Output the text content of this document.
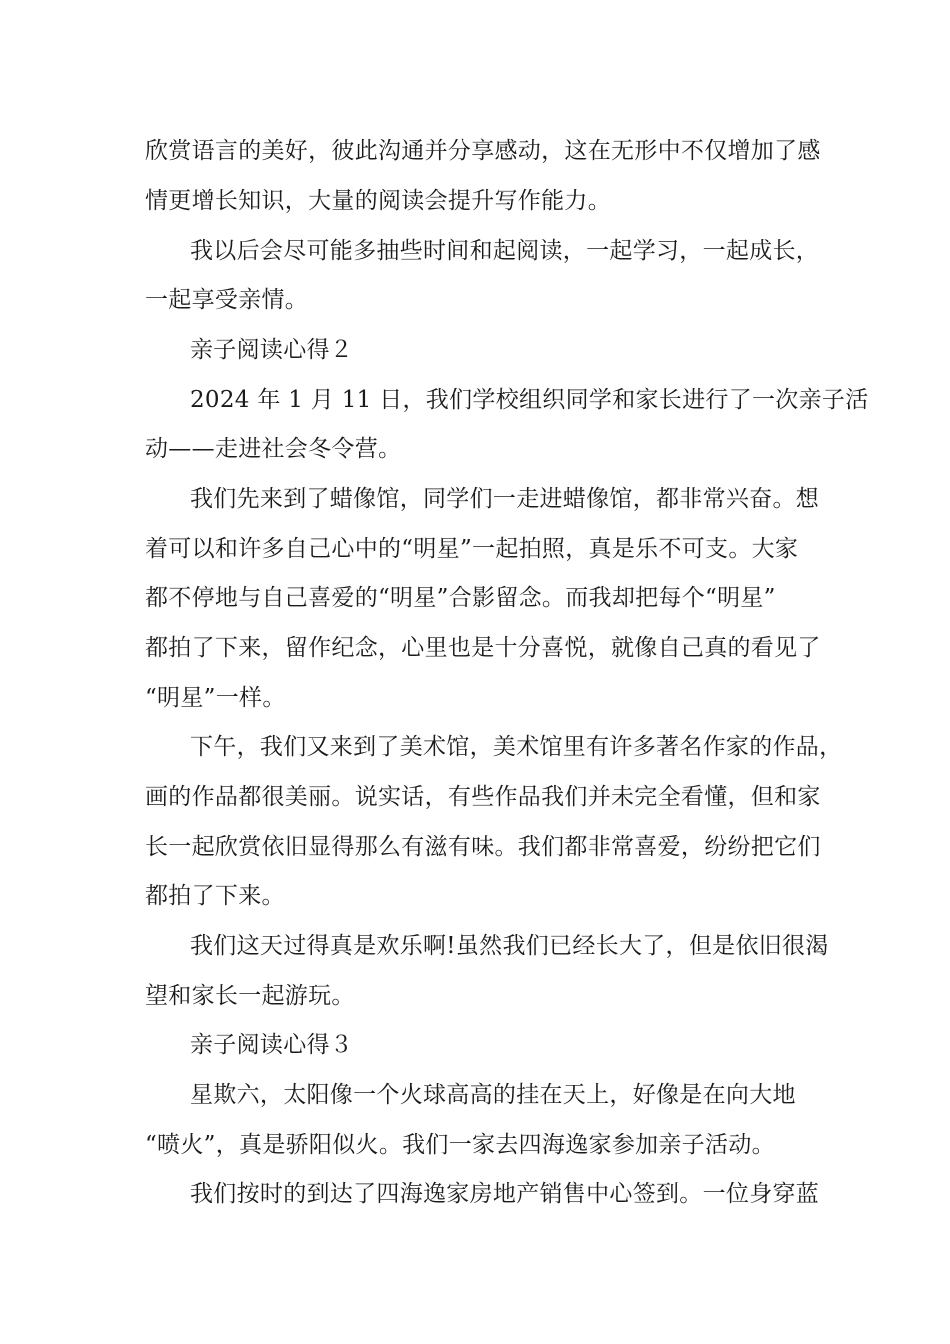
欣赏语言的美好，彼此沟通并分享感动，这在无形中不仅增加了感
情更增长知识，大量的阅读会提升写作能力。
我以后会尽可能多抽些时间和起阅读，一起学习，一起成长，
一起享受亲情。
亲子阅读心得２
2024 年 1 月 11 日，我们学校组织同学和家长进行了一次亲子活
动——走进社会冬令营。
我们先来到了蜡像馆，同学们一走进蜡像馆，都非常兴奋。想
着可以和许多自己心中的“明星”一起拍照，真是乐不可支。大家
都不停地与自己喜爱的“明星”合影留念。而我却把每个“明星”
都拍了下来，留作纪念，心里也是十分喜悦，就像自己真的看见了
“明星”一样。
下午，我们又来到了美术馆，美术馆里有许多著名作家的作品，
画的作品都很美丽。说实话，有些作品我们并未完全看懂，但和家
长一起欣赏依旧显得那么有滋有味。我们都非常喜爱，纷纷把它们
都拍了下来。
我们这天过得真是欢乐啊!虽然我们已经长大了，但是依旧很渴
望和家长一起游玩。
亲子阅读心得３
星欺六，太阳像一个火球高高的挂在天上，好像是在向大地
“喷火”，真是骄阳似火。我们一家去四海逸家参加亲子活动。
我们按时的到达了四海逸家房地产销售中心签到。一位身穿蓝
